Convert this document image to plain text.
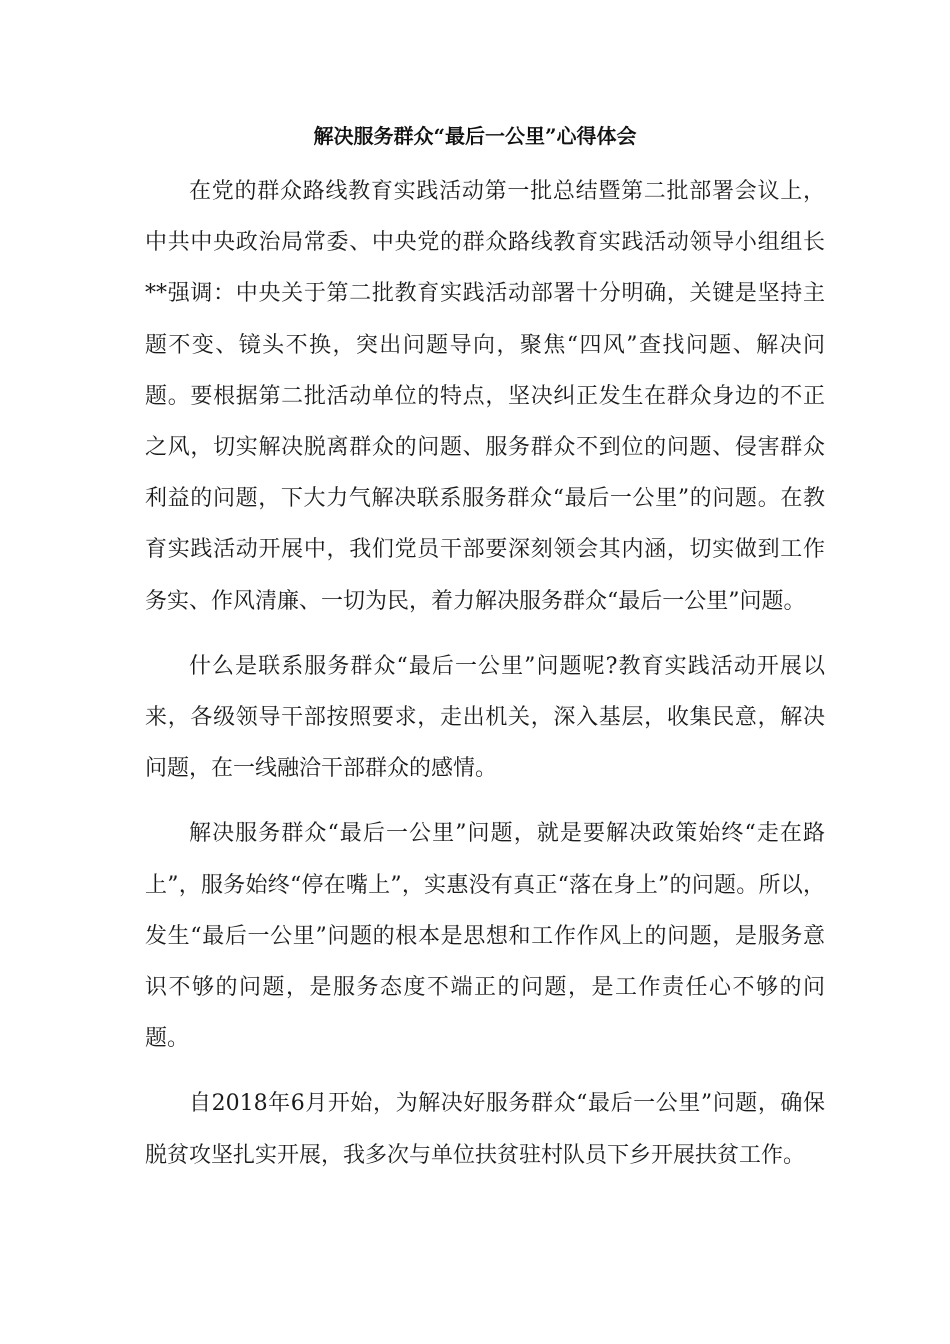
解决服务群众“最后一公里”心得体会

在党的群众路线教育实践活动第一批总结暨第二批部署会议上，中共中央政治局常委、中央党的群众路线教育实践活动领导小组组长**强调：中央关于第二批教育实践活动部署十分明确，关键是坚持主题不变、镜头不换，突出问题导向，聚焦“四风”查找问题、解决问题。要根据第二批活动单位的特点，坚决纠正发生在群众身边的不正之风，切实解决脱离群众的问题、服务群众不到位的问题、侵害群众利益的问题，下大力气解决联系服务群众“最后一公里”的问题。在教育实践活动开展中，我们党员干部要深刻领会其内涵，切实做到工作务实、作风清廉、一切为民，着力解决服务群众“最后一公里”问题。

什么是联系服务群众“最后一公里”问题呢?教育实践活动开展以来，各级领导干部按照要求，走出机关，深入基层，收集民意，解决问题，在一线融洽干部群众的感情。

解决服务群众“最后一公里”问题，就是要解决政策始终“走在路上”，服务始终“停在嘴上”，实惠没有真正“落在身上”的问题。所以，发生“最后一公里”问题的根本是思想和工作作风上的问题，是服务意识不够的问题，是服务态度不端正的问题，是工作责任心不够的问题。

自2018年6月开始，为解决好服务群众“最后一公里”问题，确保脱贫攻坚扎实开展，我多次与单位扶贫驻村队员下乡开展扶贫工作。
